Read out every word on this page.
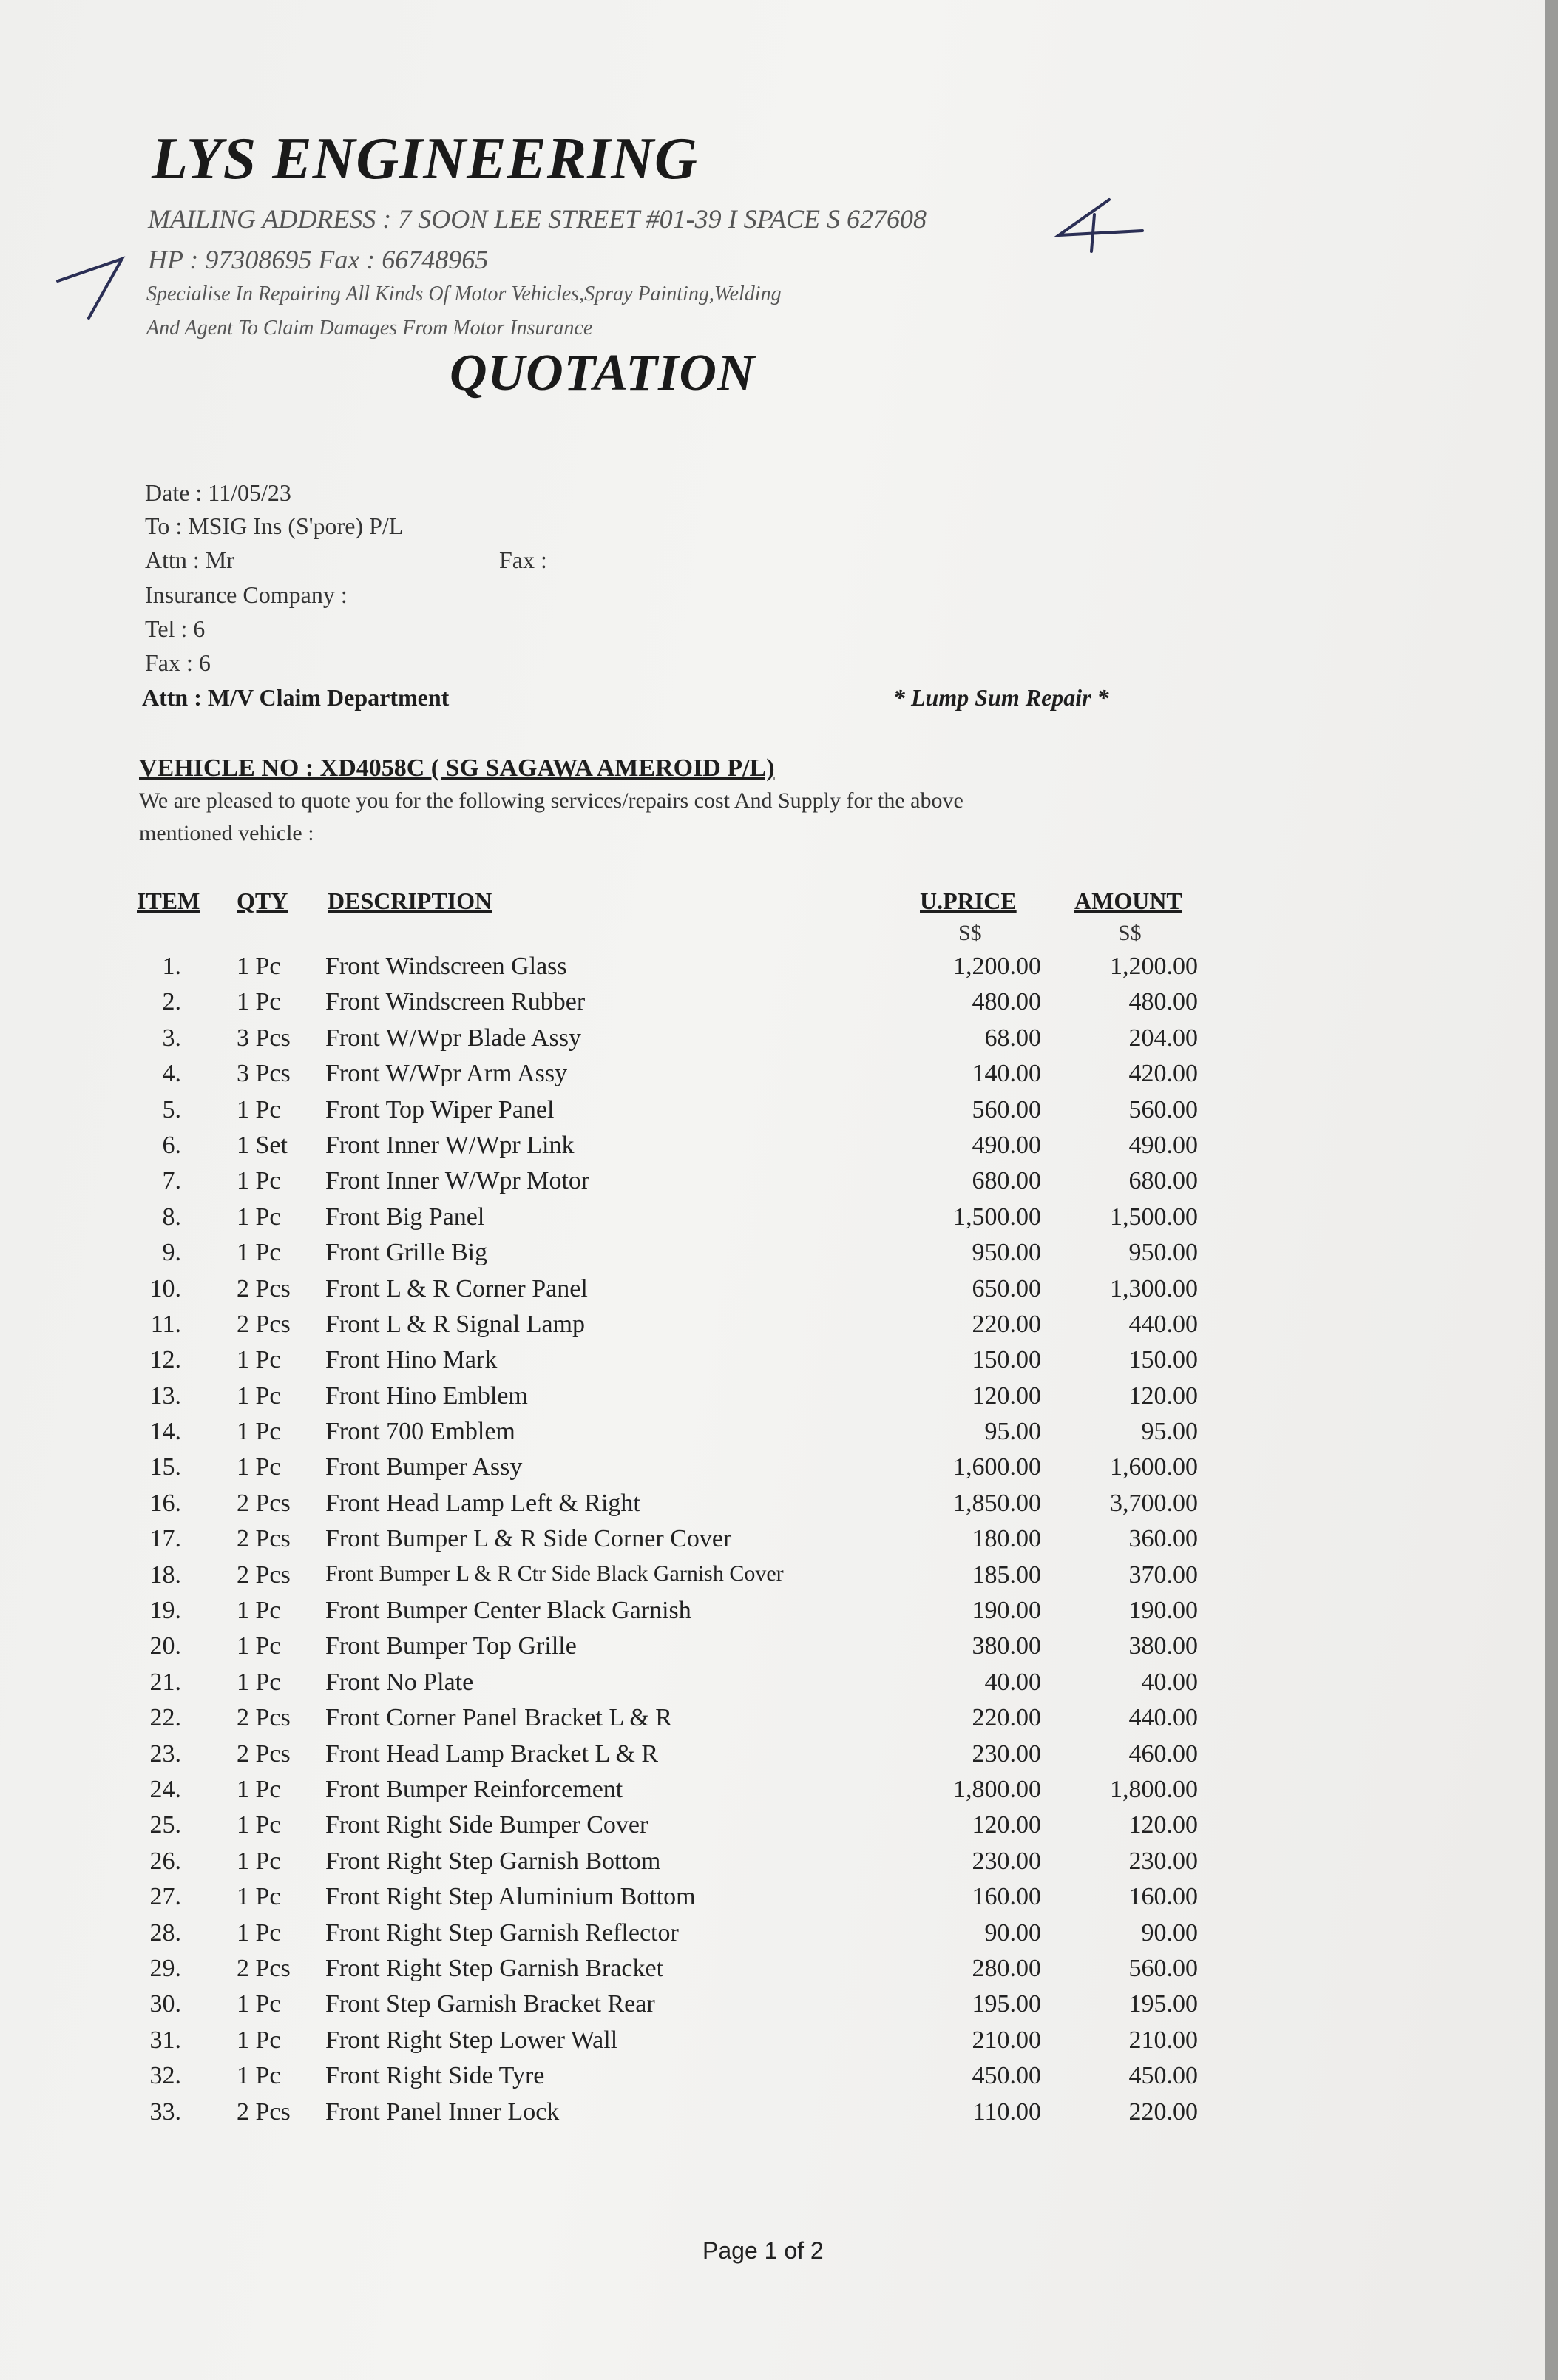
LYS ENGINEERING
MAILING ADDRESS : 7 SOON LEE STREET #01-39 I SPACE S 627608
HP : 97308695 Fax : 66748965
Specialise In Repairing All Kinds Of Motor Vehicles,Spray Painting,Welding
And Agent To Claim Damages From Motor Insurance
QUOTATION
Date : 11/05/23
To : MSIG Ins (S'pore) P/L
Attn : Mr	Fax :
Insurance Company :
Tel : 6
Fax : 6
Attn : M/V Claim Department	* Lump Sum Repair *
VEHICLE NO : XD4058C ( SG SAGAWA AMEROID P/L)
We are pleased to quote you for the following services/repairs cost And Supply for the above
mentioned vehicle :
ITEM QTY DESCRIPTION	U.PRICE AMOUNT
S$	S$
1. 1 Pc Front Windscreen Glass	1,200.00	1,200.00
2. 1 Pc Front Windscreen Rubber	480.00	480.00
3. 3 Pcs Front W/Wpr Blade Assy	68.00	204.00
4. 3 Pcs Front W/Wpr Arm Assy	140.00	420.00
5. 1 Pc Front Top Wiper Panel	560.00	560.00
6. 1 Set Front Inner W/Wpr Link	490.00	490.00
7. 1 Pc Front Inner W/Wpr Motor	680.00	680.00
8. 1 Pc Front Big Panel	1,500.00	1,500.00
9. 1 Pc Front Grille Big	950.00	950.00
10. 2 Pcs Front L & R Corner Panel	650.00	1,300.00
11. 2 Pcs Front L & R Signal Lamp	220.00	440.00
12. 1 Pc Front Hino Mark	150.00	150.00
13. 1 Pc Front Hino Emblem	120.00	120.00
14. 1 Pc Front 700 Emblem	95.00	95.00
15. 1 Pc Front Bumper Assy	1,600.00	1,600.00
16. 2 Pcs Front Head Lamp Left & Right	1,850.00	3,700.00
17. 2 Pcs Front Bumper L & R Side Corner Cover	180.00	360.00
18. 2 Pcs Front Bumper L & R Ctr Side Black Garnish Cover	185.00	370.00
19. 1 Pc Front Bumper Center Black Garnish	190.00	190.00
20. 1 Pc Front Bumper Top Grille	380.00	380.00
21. 1 Pc Front No Plate	40.00	40.00
22. 2 Pcs Front Corner Panel Bracket L & R	220.00	440.00
23. 2 Pcs Front Head Lamp Bracket L & R	230.00	460.00
24. 1 Pc Front Bumper Reinforcement	1,800.00	1,800.00
25. 1 Pc Front Right Side Bumper Cover	120.00	120.00
26. 1 Pc Front Right Step Garnish Bottom	230.00	230.00
27. 1 Pc Front Right Step Aluminium Bottom	160.00	160.00
28. 1 Pc Front Right Step Garnish Reflector	90.00	90.00
29. 2 Pcs Front Right Step Garnish Bracket	280.00	560.00
30. 1 Pc Front Step Garnish Bracket Rear	195.00	195.00
31. 1 Pc Front Right Step Lower Wall	210.00	210.00
32. 1 Pc Front Right Side Tyre	450.00	450.00
33. 2 Pcs Front Panel Inner Lock	110.00	220.00
Page 1 of 2
